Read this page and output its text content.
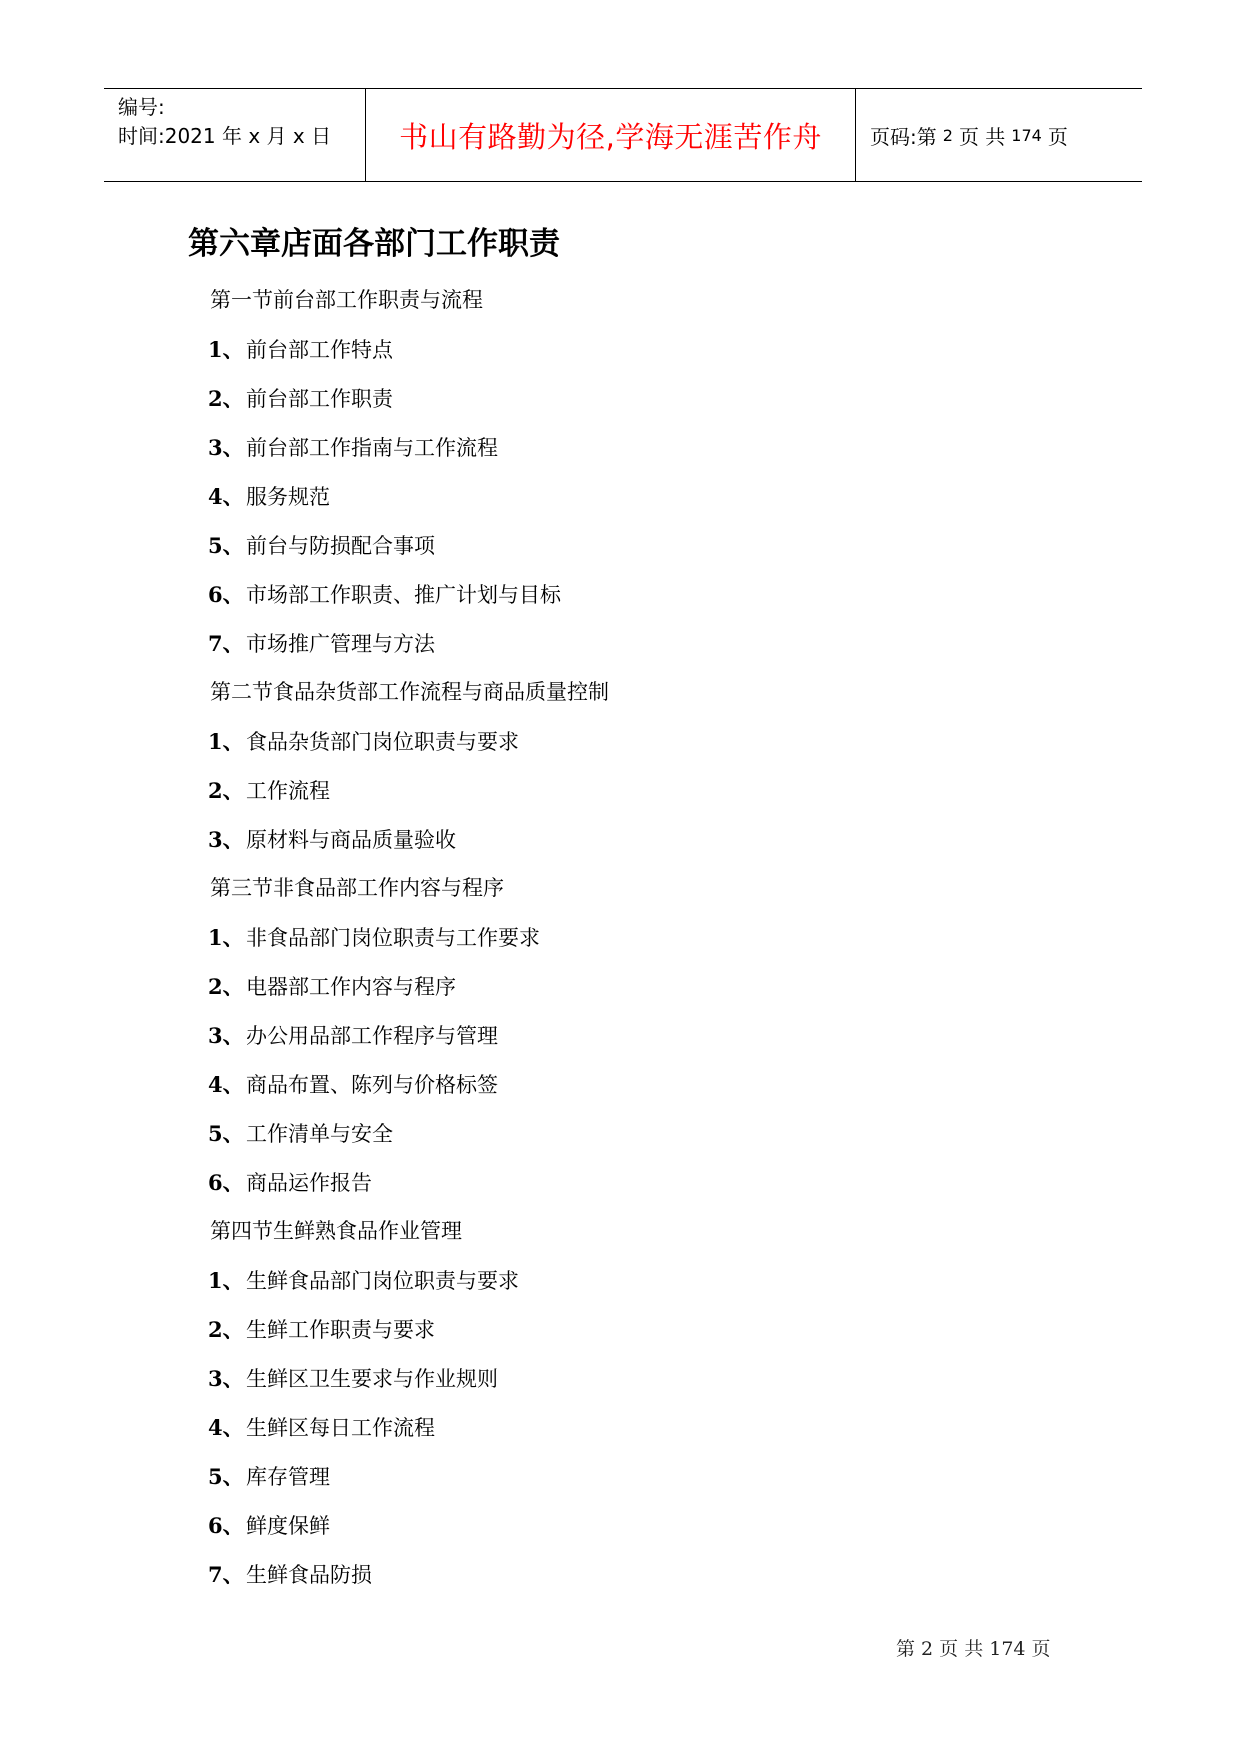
编号:
时间:2021 年 x 月 x 日	书山有路勤为径,学海无涯苦作舟	页码:第 2 页 共 174 页
第六章店面各部门工作职责
第一节前台部工作职责与流程
1、 前台部工作特点
2、 前台部工作职责
3、 前台部工作指南与工作流程
4、 服务规范
5、 前台与防损配合事项
6、 市场部工作职责、推广计划与目标
7、 市场推广管理与方法
第二节食品杂货部工作流程与商品质量控制
1、 食品杂货部门岗位职责与要求
2、 工作流程
3、 原材料与商品质量验收
第三节非食品部工作内容与程序
1、 非食品部门岗位职责与工作要求
2、 电器部工作内容与程序
3、 办公用品部工作程序与管理
4、 商品布置、陈列与价格标签
5、 工作清单与安全
6、 商品运作报告
第四节生鲜熟食品作业管理
1、 生鲜食品部门岗位职责与要求
2、 生鲜工作职责与要求
3、 生鲜区卫生要求与作业规则
4、 生鲜区每日工作流程
5、 库存管理
6、 鲜度保鲜
7、 生鲜食品防损
第 2 页 共 174 页
